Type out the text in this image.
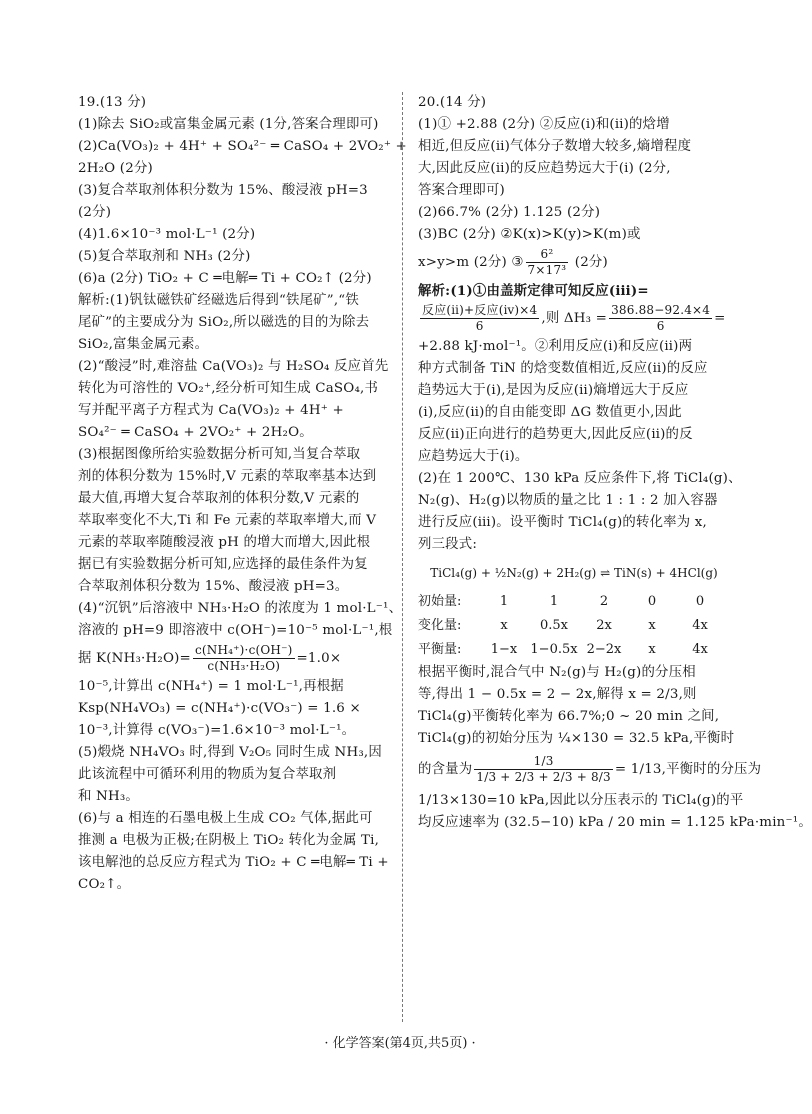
19.(13 分)
(1)除去 SiO₂或富集金属元素 (1分,答案合理即可)
(2)Ca(VO₃)₂ + 4H⁺ + SO₄²⁻ ═ CaSO₄ + 2VO₂⁺ +
2H₂O (2分)
(3)复合萃取剂体积分数为 15%、酸浸液 pH=3
(2分)
(4)1.6×10⁻³ mol·L⁻¹ (2分)
(5)复合萃取剂和 NH₃ (2分)
(6)a (2分) TiO₂ + C ═电解═ Ti + CO₂↑ (2分)
解析:(1)钒钛磁铁矿经磁选后得到“铁尾矿”,“铁
尾矿”的主要成分为 SiO₂,所以磁选的目的为除去
SiO₂,富集金属元素。
(2)“酸浸”时,难溶盐 Ca(VO₃)₂ 与 H₂SO₄ 反应首先
转化为可溶性的 VO₂⁺,经分析可知生成 CaSO₄,书
写并配平离子方程式为 Ca(VO₃)₂ + 4H⁺ +
SO₄²⁻ ═ CaSO₄ + 2VO₂⁺ + 2H₂O。
(3)根据图像所给实验数据分析可知,当复合萃取
剂的体积分数为 15%时,V 元素的萃取率基本达到
最大值,再增大复合萃取剂的体积分数,V 元素的
萃取率变化不大,Ti 和 Fe 元素的萃取率增大,而 V
元素的萃取率随酸浸液 pH 的增大而增大,因此根
据已有实验数据分析可知,应选择的最佳条件为复
合萃取剂体积分数为 15%、酸浸液 pH=3。
(4)“沉钒”后溶液中 NH₃·H₂O 的浓度为 1 mol·L⁻¹、
溶液的 pH=9 即溶液中 c(OH⁻)=10⁻⁵ mol·L⁻¹,根
据 $K(NH_3\cdot H_2O)= \frac{\text{c(NH₄⁺)·c(OH⁻)}}{\text{c(NH₃·H₂O)}} =1.0\times$
10⁻⁵,计算出 c(NH₄⁺) = 1 mol·L⁻¹,再根据
Ksp(NH₄VO₃) = c(NH₄⁺)·c(VO₃⁻) = 1.6 ×
10⁻³,计算得 c(VO₃⁻)=1.6×10⁻³ mol·L⁻¹。
(5)煅烧 NH₄VO₃ 时,得到 V₂O₅ 同时生成 NH₃,因
此该流程中可循环利用的物质为复合萃取剂
和 NH₃。
(6)与 a 相连的石墨电极上生成 CO₂ 气体,据此可
推测 a 电极为正极;在阴极上 TiO₂ 转化为金属 Ti,
该电解池的总反应方程式为 TiO₂ + C ═电解═ Ti +
CO₂↑。
20.(14 分)
(1)① +2.88 (2分) ②反应(ⅰ)和(ⅱ)的焓增
相近,但反应(ⅱ)气体分子数增大较多,熵增程度
大,因此反应(ⅱ)的反应趋势远大于(ⅰ) (2分,
答案合理即可)
(2)66.7% (2分) 1.125 (2分)
(3)BC (2分) ②K(x)>K(y)>K(m)或
x>y>m (2分) ③ $\frac{\text{6²}}{\text{7×17³}} (2$分)
解析:(1)①由盖斯定律可知反应(ⅲ)=
$\frac{\text{反应(ⅱ)+反应(ⅳ)×4}}{6}$ ,则 $\Delta H_3 = \frac{386.88-92.4\times 4}{6}$ =
+2.88 kJ·mol⁻¹。②利用反应(ⅰ)和反应(ⅱ)两
种方式制备 TiN 的焓变数值相近,反应(ⅱ)的反应
趋势远大于(ⅰ),是因为反应(ⅱ)熵增远大于反应
(ⅰ),反应(ⅱ)的自由能变即 ΔG 数值更小,因此
反应(ⅱ)正向进行的趋势更大,因此反应(ⅱ)的反
应趋势远大于(ⅰ)。
(2)在 1 200℃、130 kPa 反应条件下,将 TiCl₄(g)、
N₂(g)、H₂(g)以物质的量之比 1 : 1 : 2 加入容器
进行反应(ⅲ)。设平衡时 TiCl₄(g)的转化率为 x,
列三段式:
TiCl₄(g) + ½N₂(g) + 2H₂(g) ⇌ TiN(s) + 4HCl(g)
初始量:	1	1	2	0	0
变化量:	x	0.5x	2x	x	4x
平衡量:	1−x	1−0.5x 2−2x	x	4x
根据平衡时,混合气中 N₂(g)与 H₂(g)的分压相
等,得出 1 − 0.5x = 2 − 2x,解得 x = 2/3,则
TiCl₄(g)平衡转化率为 66.7%;0 ~ 20 min 之间,
TiCl₄(g)的初始分压为 ¼×130 = 32.5 kPa,平衡时
的含量为 $\frac{1/3}{1/3 + 2/3 + 2/3 + 8/3} = 1/13$,平衡时的分压为
1/13×130=10 kPa,因此以分压表示的 TiCl₄(g)的平
均反应速率为 (32.5−10) kPa / 20 min = 1.125 kPa·min⁻¹。
· 化学答案(第4页,共5页) ·
